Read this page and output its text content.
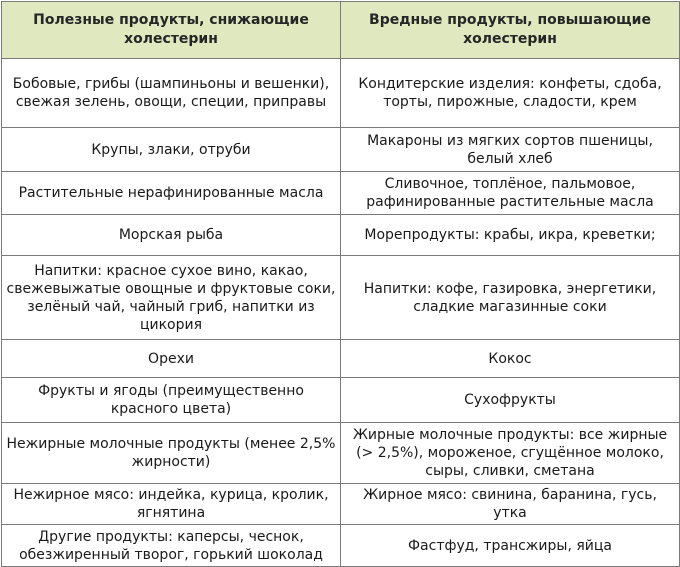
Полезные продукты, снижающие холестерин	Вредные продукты, повышающие холестерин
Бобовые, грибы (шампиньоны и вешенки), свежая зелень, овощи, специи, приправы	Кондитерские изделия: конфеты, сдоба, торты, пирожные, сладости, крем
Крупы, злаки, отруби	Макароны из мягких сортов пшеницы, белый хлеб
Растительные нерафинированные масла	Сливочное, топлёное, пальмовое, рафинированные растительные масла
Морская рыба	Морепродукты: крабы, икра, креветки;
Напитки: красное сухое вино, какао, свежевыжатые овощные и фруктовые соки, зелёный чай, чайный гриб, напитки из цикория	Напитки: кофе, газировка, энергетики, сладкие магазинные соки
Орехи	Кокос
Фрукты и ягоды (преимущественно красного цвета)	Сухофрукты
Нежирные молочные продукты (менее 2,5% жирности)	Жирные молочные продукты: все жирные (> 2,5%), мороженое, сгущённое молоко, сыры, сливки, сметана
Нежирное мясо: индейка, курица, кролик, ягнятина	Жирное мясо: свинина, баранина, гусь, утка
Другие продукты: каперсы, чеснок, обезжиренный творог, горький шоколад	Фастфуд, трансжиры, яйца
